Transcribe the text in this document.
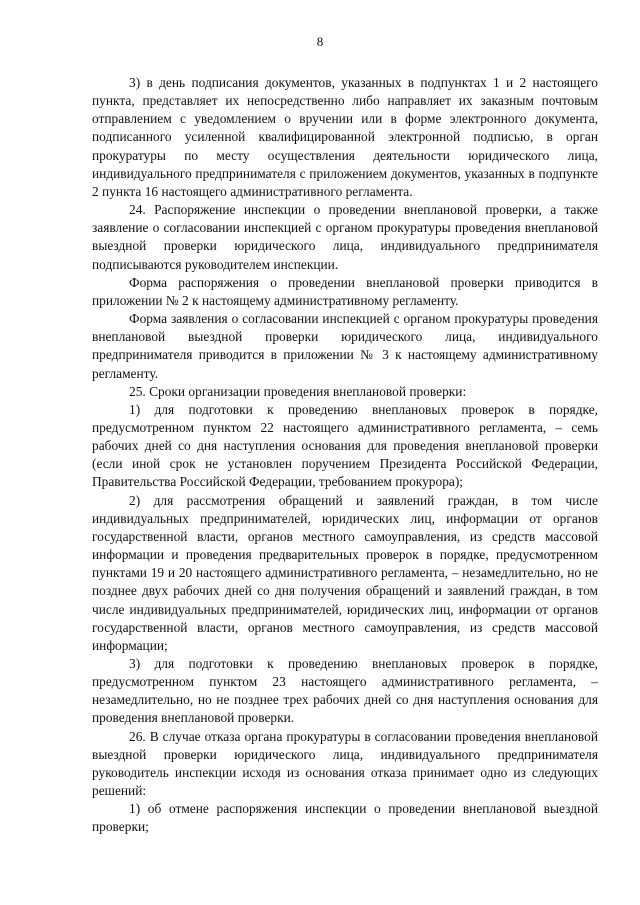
8

3) в день подписания документов, указанных в подпунктах 1 и 2 настоящего пункта, представляет их непосредственно либо направляет их заказным почтовым отправлением с уведомлением о вручении или в форме электронного документа, подписанного усиленной квалифицированной электронной подписью, в орган прокуратуры по месту осуществления деятельности юридического лица, индивидуального предпринимателя с приложением документов, указанных в подпункте 2 пункта 16 настоящего административного регламента.

24. Распоряжение инспекции о проведении внеплановой проверки, а также заявление о согласовании инспекцией с органом прокуратуры проведения внеплановой выездной проверки юридического лица, индивидуального предпринимателя подписываются руководителем инспекции.

Форма распоряжения о проведении внеплановой проверки приводится в приложении № 2 к настоящему административному регламенту.

Форма заявления о согласовании инспекцией с органом прокуратуры проведения внеплановой выездной проверки юридического лица, индивидуального предпринимателя приводится в приложении № 3 к настоящему административному регламенту.

25. Сроки организации проведения внеплановой проверки:

1) для подготовки к проведению внеплановых проверок в порядке, предусмотренном пунктом 22 настоящего административного регламента, – семь рабочих дней со дня наступления основания для проведения внеплановой проверки (если иной срок не установлен поручением Президента Российской Федерации, Правительства Российской Федерации, требованием прокурора);

2) для рассмотрения обращений и заявлений граждан, в том числе индивидуальных предпринимателей, юридических лиц, информации от органов государственной власти, органов местного самоуправления, из средств массовой информации и проведения предварительных проверок в порядке, предусмотренном пунктами 19 и 20 настоящего административного регламента, – незамедлительно, но не позднее двух рабочих дней со дня получения обращений и заявлений граждан, в том числе индивидуальных предпринимателей, юридических лиц, информации от органов государственной власти, органов местного самоуправления, из средств массовой информации;

3) для подготовки к проведению внеплановых проверок в порядке, предусмотренном пунктом 23 настоящего административного регламента, – незамедлительно, но не позднее трех рабочих дней со дня наступления основания для проведения внеплановой проверки.

26. В случае отказа органа прокуратуры в согласовании проведения внеплановой выездной проверки юридического лица, индивидуального предпринимателя руководитель инспекции исходя из основания отказа принимает одно из следующих решений:

1) об отмене распоряжения инспекции о проведении внеплановой выездной проверки;
